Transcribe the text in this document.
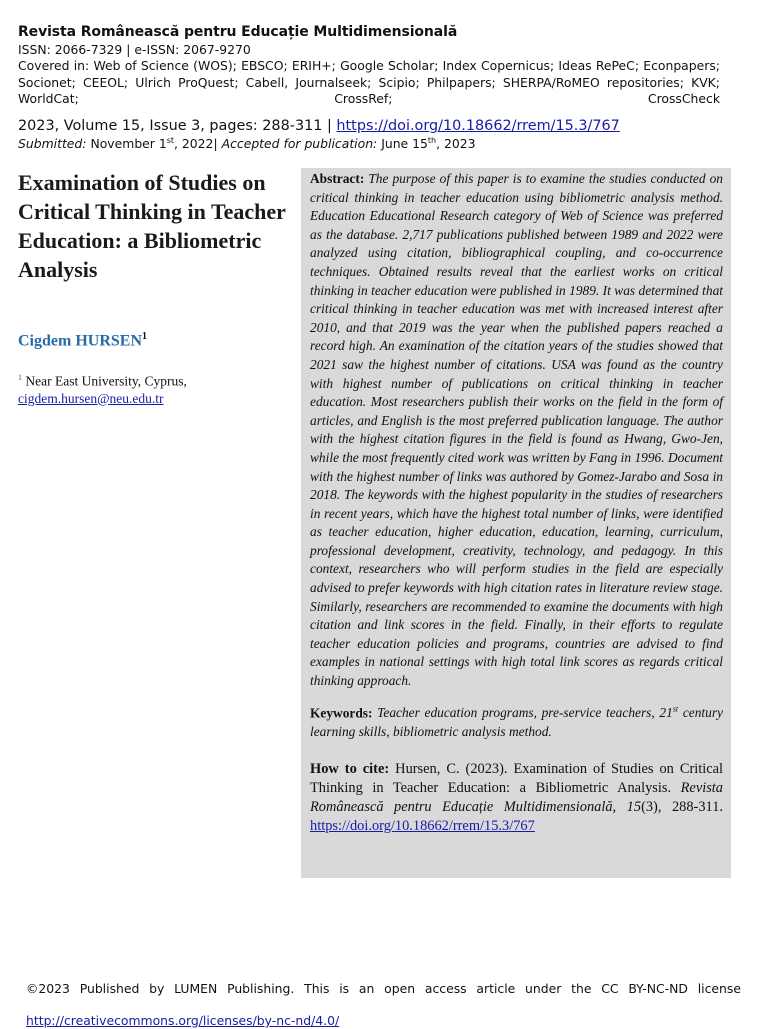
Revista Românească pentru Educație Multidimensională
ISSN: 2066-7329 | e-ISSN: 2067-9270
Covered in: Web of Science (WOS); EBSCO; ERIH+; Google Scholar; Index Copernicus; Ideas RePeC; Econpapers; Socionet; CEEOL; Ulrich ProQuest; Cabell, Journalseek; Scipio; Philpapers; SHERPA/RoMEO repositories; KVK; WorldCat; CrossRef; CrossCheck
2023, Volume 15, Issue 3, pages: 288-311 | https://doi.org/10.18662/rrem/15.3/767
Submitted: November 1st, 2022| Accepted for publication: June 15th, 2023
Examination of Studies on Critical Thinking in Teacher Education: a Bibliometric Analysis
Cigdem HURSEN$^1$
$^1$ Near East University, Cyprus,
cigdem.hursen@neu.edu.tr
Abstract: The purpose of this paper is to examine the studies conducted on critical thinking in teacher education using bibliometric analysis method. Education Educational Research category of Web of Science was preferred as the database. 2,717 publications published between 1989 and 2022 were analyzed using citation, bibliographical coupling, and co-occurrence techniques. Obtained results reveal that the earliest works on critical thinking in teacher education were published in 1989. It was determined that critical thinking in teacher education was met with increased interest after 2010, and that 2019 was the year when the published papers reached a record high. An examination of the citation years of the studies showed that 2021 saw the highest number of citations. USA was found as the country with highest number of publications on critical thinking in teacher education. Most researchers publish their works on the field in the form of articles, and English is the most preferred publication language. The author with the highest citation figures in the field is found as Hwang, Gwo-Jen, while the most frequently cited work was written by Fang in 1996. Document with the highest number of links was authored by Gomez-Jarabo and Sosa in 2018. The keywords with the highest popularity in the studies of researchers in recent years, which have the highest total number of links, were identified as teacher education, higher education, education, learning, curriculum, professional development, creativity, technology, and pedagogy. In this context, researchers who will perform studies in the field are especially advised to prefer keywords with high citation rates in literature review stage. Similarly, researchers are recommended to examine the documents with high citation and link scores in the field. Finally, in their efforts to regulate teacher education policies and programs, countries are advised to find examples in national settings with high total link scores as regards critical thinking approach.
Keywords: Teacher education programs, pre-service teachers, 21st century learning skills, bibliometric analysis method.
How to cite: Hursen, C. (2023). Examination of Studies on Critical Thinking in Teacher Education: a Bibliometric Analysis. Revista Românească pentru Educație Multidimensională, 15(3), 288-311. https://doi.org/10.18662/rrem/15.3/767
©2023 Published by LUMEN Publishing. This is an open access article under the CC BY-NC-ND license
http://creativecommons.org/licenses/by-nc-nd/4.0/
